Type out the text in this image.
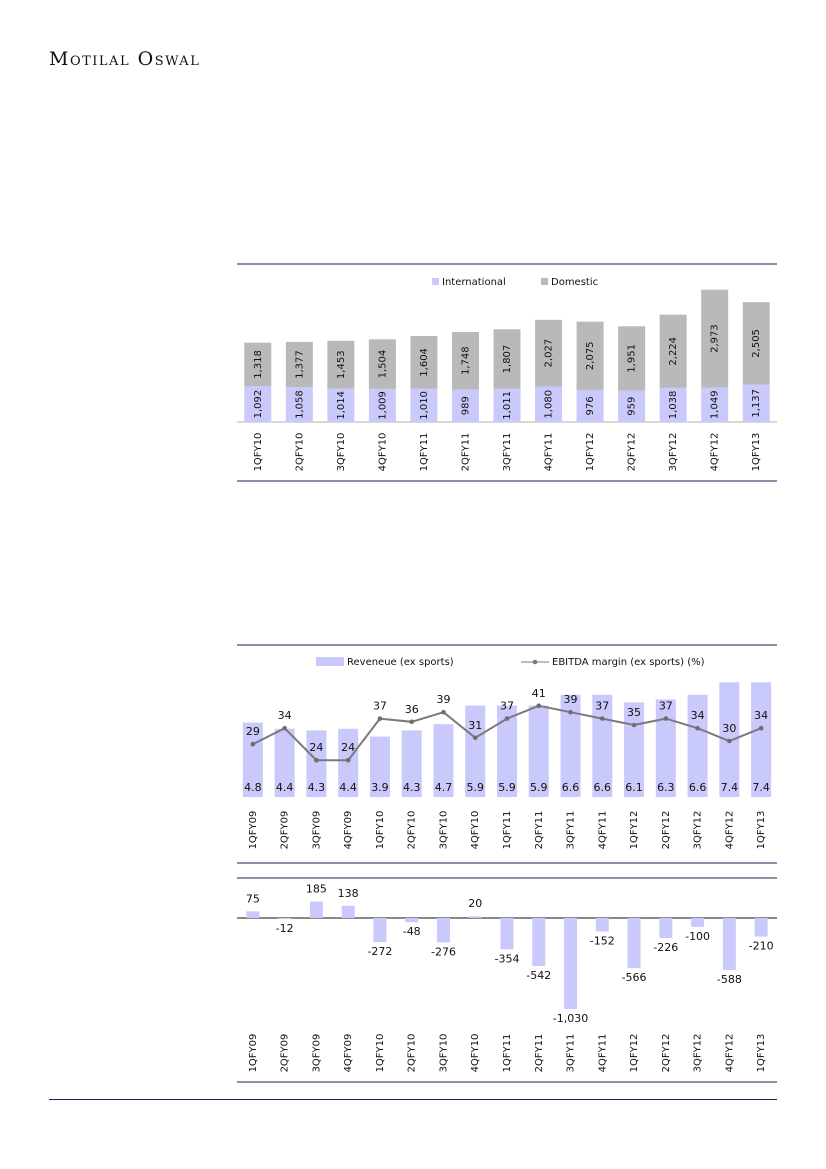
Motilal Oswal
International	Domestic
1,092
1,318
1QFY10
1,058
1,377
2QFY10
1,014
1,453
3QFY10
1,009
1,504
4QFY10
1,010
1,604
1QFY11
989
1,748
2QFY11
1,011
1,807
3QFY11
1,080
2,027
4QFY11
976
2,075
1QFY12
959
1,951
2QFY12
1,038
2,224
3QFY12
1,049
2,973
4QFY12
1,137
2,505
1QFY13
Reveneue (ex sports)	EBITDA margin (ex sports) (%)
4.8
1QFY09
4.4
2QFY09
4.3
3QFY09
4.4
4QFY09
3.9
1QFY10
4.3
2QFY10
4.7
3QFY10
5.9
4QFY10
5.9
1QFY11
5.9
2QFY11
6.6
3QFY11
6.6
4QFY11
6.1
1QFY12
6.3
2QFY12
6.6
3QFY12
7.4
4QFY12
7.4
1QFY13
29
34
24 24
37 36
39
31
37
41 39 37 35 37
34
30
34
75
1QFY09
-12
2QFY09
185
3QFY09
138
4QFY09
-272
1QFY10
-48
2QFY10
-276
3QFY10
20
4QFY10
-354
1QFY11
-542
2QFY11
-1,030
3QFY11
-152
4QFY11
-566
1QFY12
-226
2QFY12
-100
3QFY12
-588
4QFY12
-210
1QFY13
